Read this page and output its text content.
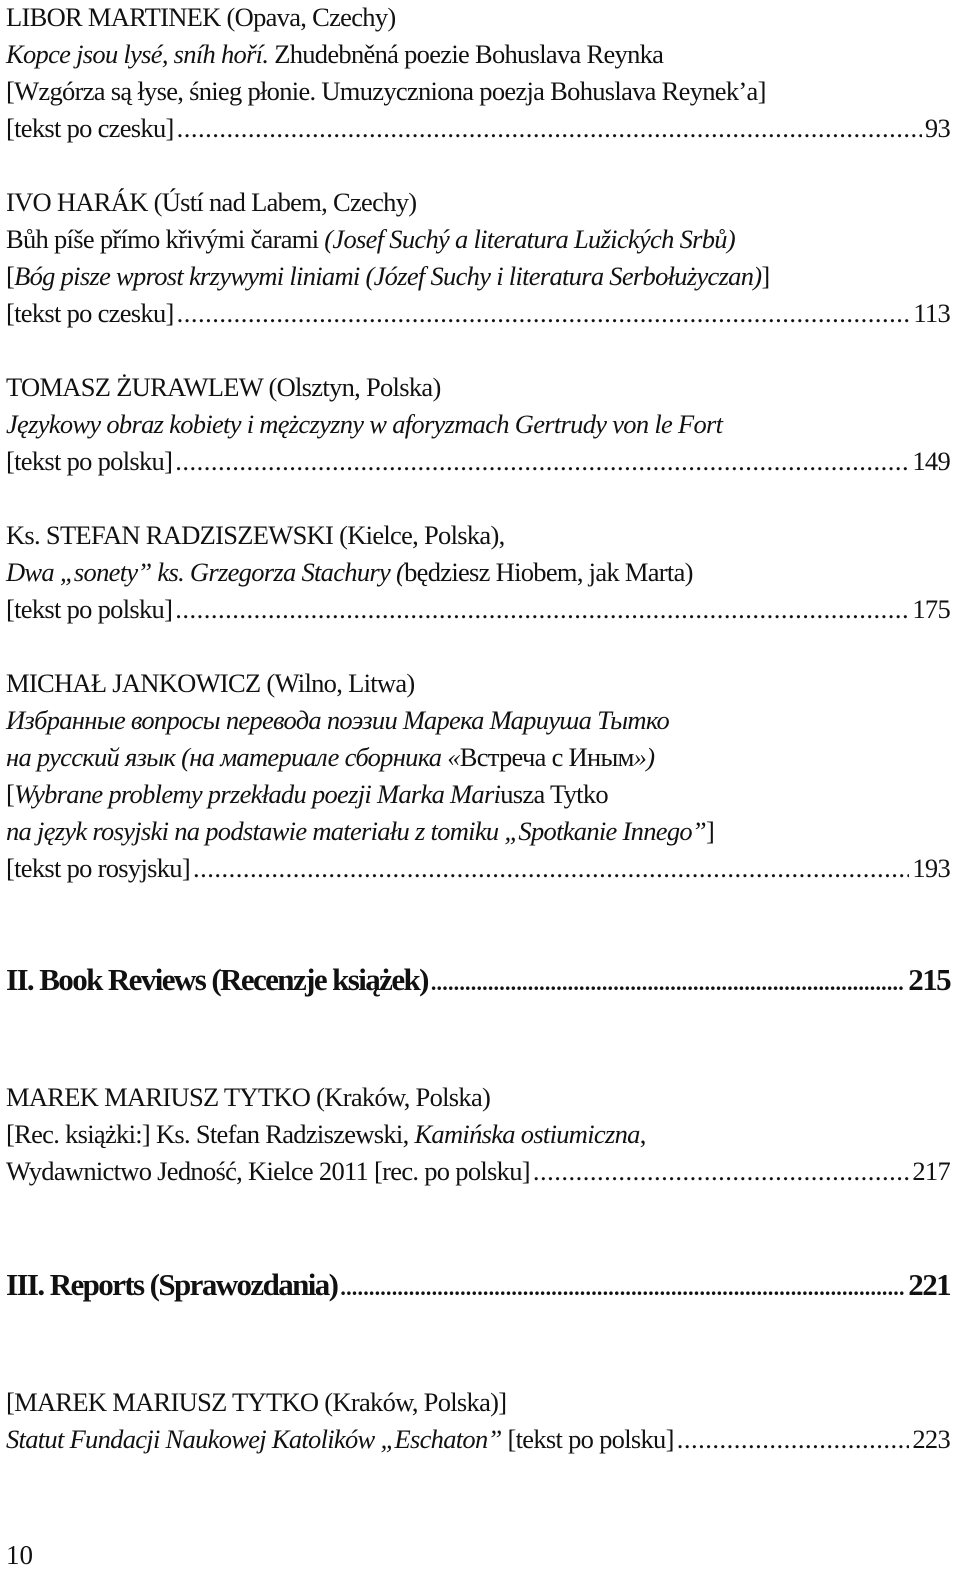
LIBOR MARTINEK (Opava, Czechy)
Kopce jsou lysé, sníh hoří. Zhudebněná poezie Bohuslava Reynka
[Wzgórza są łyse, śnieg płonie. Umuzyczniona poezja Bohuslava Reynek’a]
[tekst po czesku] .....	93
IVO HARÁK (Ústí nad Labem, Czechy)
Bůh píše přímo křivými čarami (Josef Suchý a literatura Lužických Srbů)
[Bóg pisze wprost krzywymi liniami (Józef Suchy i literatura Serbołużyczan)]
[tekst po czesku] .....	113
TOMASZ ŻURAWLEW (Olsztyn, Polska)
Językowy obraz kobiety i mężczyzny w aforyzmach Gertrudy von le Fort
[tekst po polsku] .....	149
Ks. STEFAN RADZISZEWSKI (Kielce, Polska),
Dwa „sonety” ks. Grzegorza Stachury (będziesz Hiobem, jak Marta)
[tekst po polsku] .....	175
MICHAŁ JANKOWICZ (Wilno, Litwa)
Избранные вопросы перевода поэзии Марека Мариуша Тытко
на русский язык (на материале сборника «Встреча с Иным»)
[Wybrane problemy przekładu poezji Marka Mariusza Tytko
na język rosyjski na podstawie materiału z tomiku „Spotkanie Innego”]
[tekst po rosyjsku] .....	193
II. Book Reviews (Recenzje książek) .....	215
MAREK MARIUSZ TYTKO (Kraków, Polska)
[Rec. książki:] Ks. Stefan Radziszewski, Kamińska ostiumiczna,
Wydawnictwo Jedność, Kielce 2011 [rec. po polsku] .....	217
III. Reports (Sprawozdania) .....	221
[MAREK MARIUSZ TYTKO (Kraków, Polska)]
Statut Fundacji Naukowej Katolików „Eschaton” [tekst po polsku] .....	223
10
